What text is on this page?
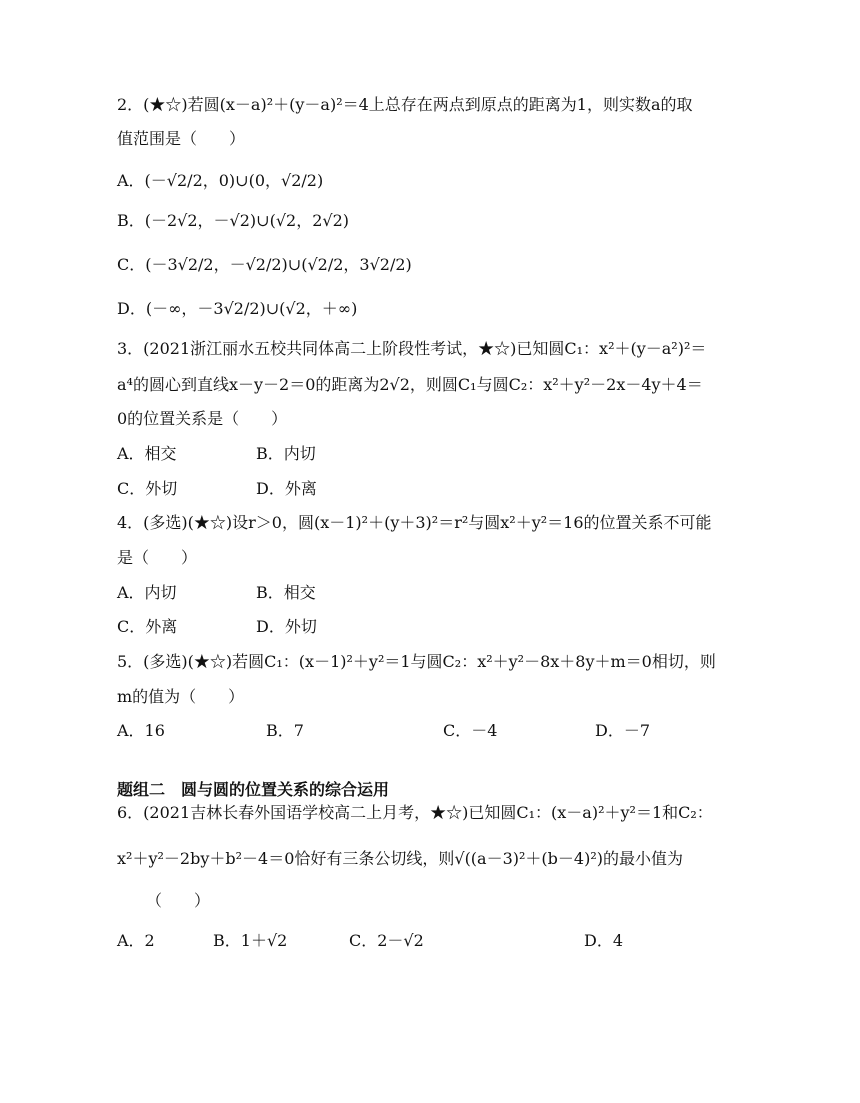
2．(★☆)若圆(x－a)²＋(y－a)²＝4上总存在两点到原点的距离为1，则实数a的取
值范围是（　　）
A．(－√2/2，0)∪(0，√2/2)
B．(－2√2，－√2)∪(√2，2√2)
C．(－3√2/2，－√2/2)∪(√2/2，3√2/2)
D．(－∞，－3√2/2)∪(√2，＋∞)
3．(2021浙江丽水五校共同体高二上阶段性考试，★☆)已知圆C₁：x²＋(y－a²)²＝
a⁴的圆心到直线x－y－2＝0的距离为2√2，则圆C₁与圆C₂：x²＋y²－2x－4y＋4＝
0的位置关系是（　　）
A．相交	B．内切
C．外切	D．外离
4．(多选)(★☆)设r＞0，圆(x－1)²＋(y＋3)²＝r²与圆x²＋y²＝16的位置关系不可能
是（　　）
A．内切	B．相交
C．外离	D．外切
5．(多选)(★☆)若圆C₁：(x－1)²＋y²＝1与圆C₂：x²＋y²－8x＋8y＋m＝0相切，则
m的值为（　　）
A．16	B．7	C．－4	D．－7
题组二　圆与圆的位置关系的综合运用
6．(2021吉林长春外国语学校高二上月考，★☆)已知圆C₁：(x－a)²＋y²＝1和C₂：
x²＋y²－2by＋b²－4＝0恰好有三条公切线，则√((a－3)²＋(b－4)²)的最小值为
（　　）
A．2	B．1＋√2	C．2－√2	D．4
